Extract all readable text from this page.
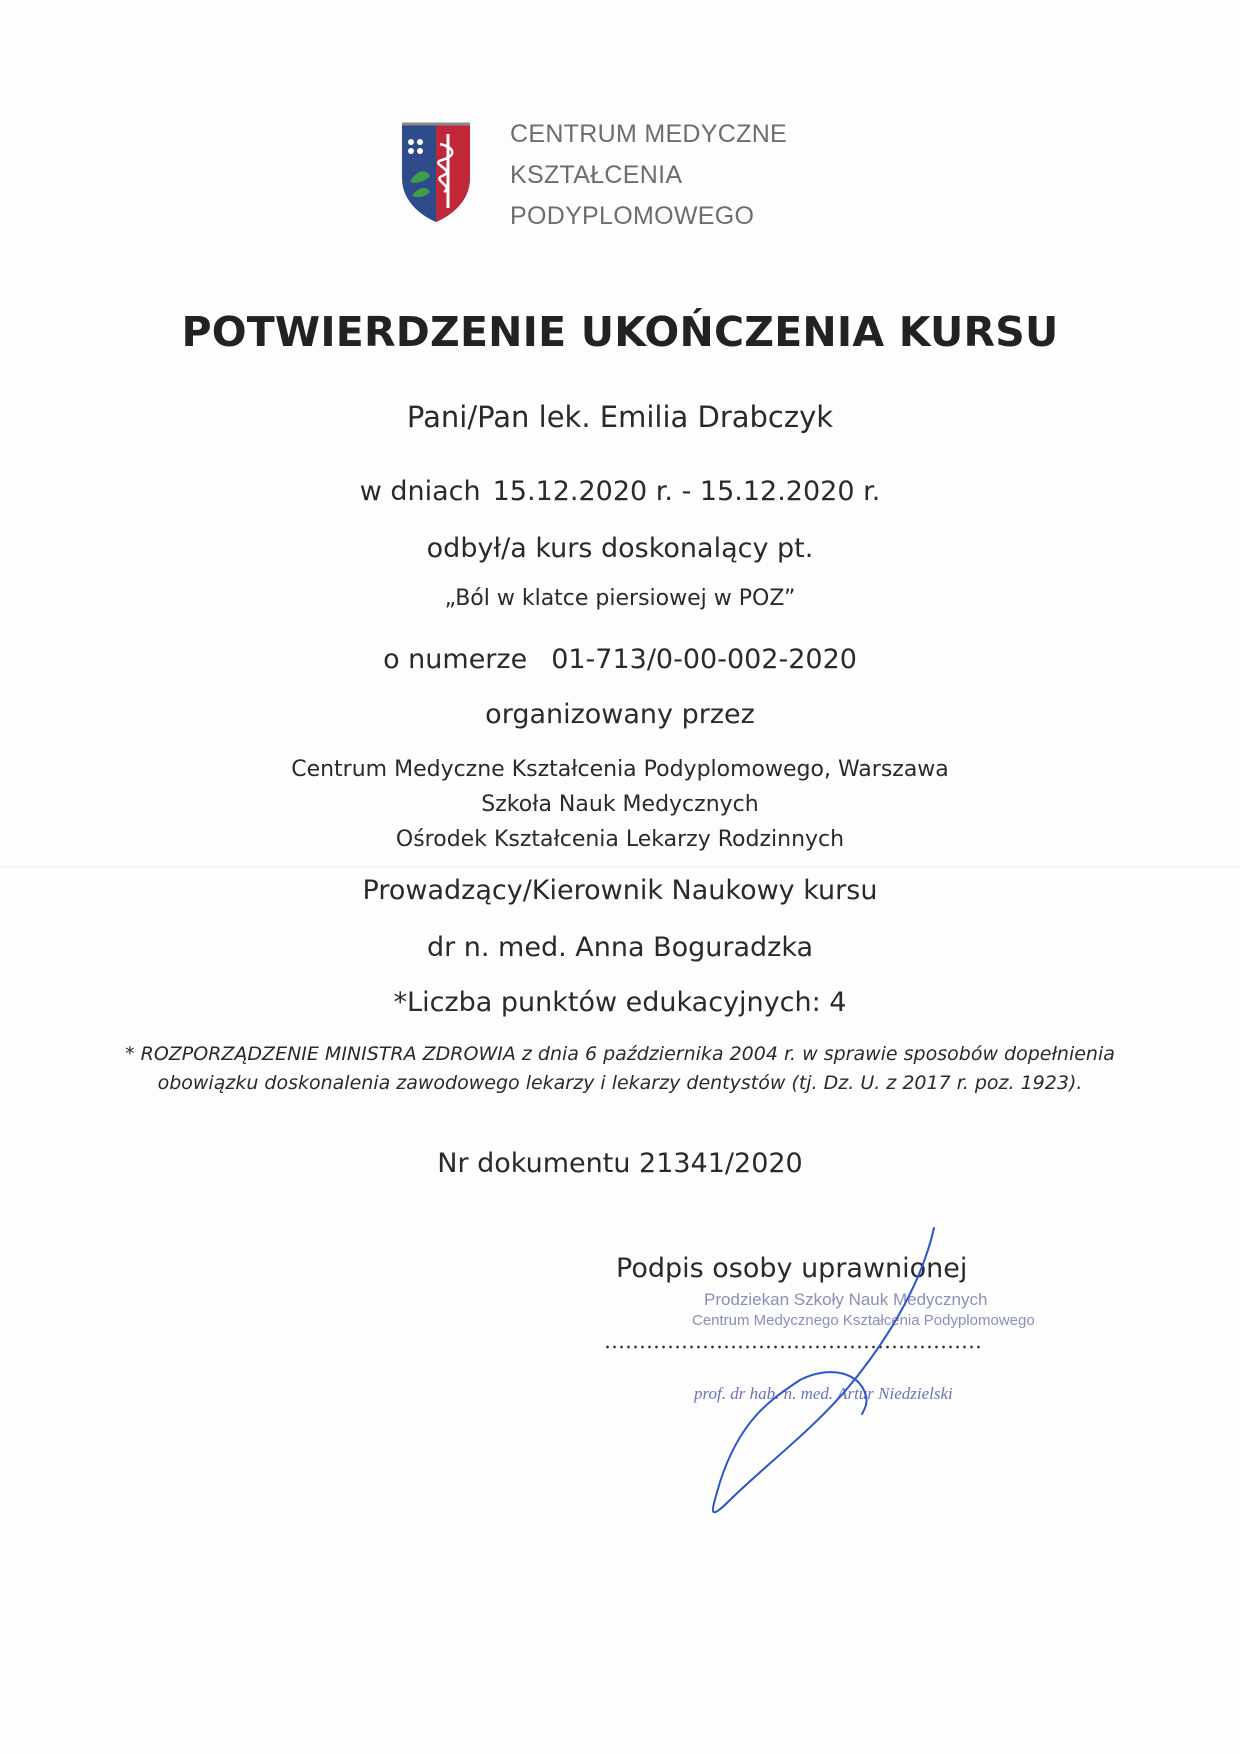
CENTRUM MEDYCZNE
KSZTAŁCENIA
PODYPLOMOWEGO
POTWIERDZENIE UKOŃCZENIA KURSU
Pani/Pan lek. Emilia Drabczyk
w dniach 15.12.2020 r. - 15.12.2020 r.
odbył/a kurs doskonalący pt.
„Ból w klatce piersiowej w POZ”
o numerze 01-713/0-00-002-2020
organizowany przez
Centrum Medyczne Kształcenia Podyplomowego, Warszawa
Szkoła Nauk Medycznych
Ośrodek Kształcenia Lekarzy Rodzinnych
Prowadzący/Kierownik Naukowy kursu
dr n. med. Anna Boguradzka
*Liczba punktów edukacyjnych: 4
* ROZPORZĄDZENIE MINISTRA ZDROWIA z dnia 6 października 2004 r. w sprawie sposobów dopełnienia obowiązku doskonalenia zawodowego lekarzy i lekarzy dentystów (tj. Dz. U. z 2017 r. poz. 1923).
Nr dokumentu 21341/2020
Podpis osoby uprawnionej
Prodziekan Szkoły Nauk Medycznych
Centrum Medycznego Kształcenia Podyplomowego
prof. dr hab. n. med. Artur Niedzielski
